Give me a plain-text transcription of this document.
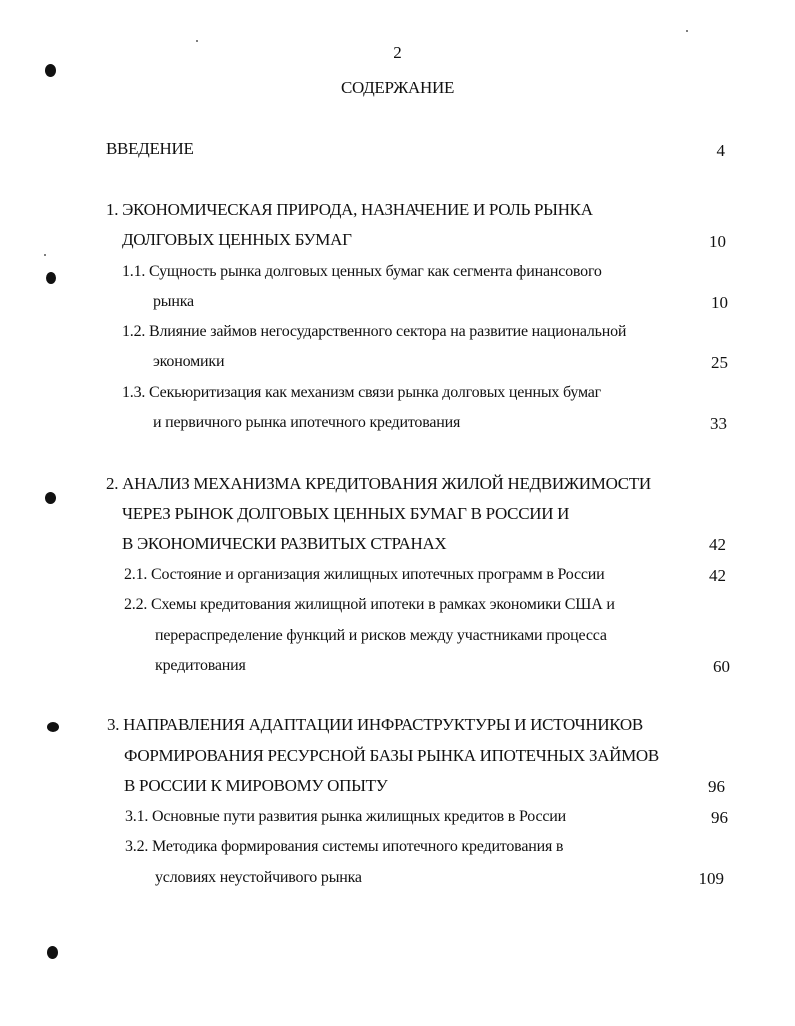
2
СОДЕРЖАНИЕ
ВВЕДЕНИЕ	4
1. ЭКОНОМИЧЕСКАЯ ПРИРОДА, НАЗНАЧЕНИЕ И РОЛЬ РЫНКА
ДОЛГОВЫХ ЦЕННЫХ БУМАГ	10
1.1. Сущность рынка долговых ценных бумаг как сегмента финансового
рынка	10
1.2. Влияние займов негосударственного сектора на развитие национальной
экономики	25
1.3. Секьюритизация как механизм связи рынка долговых ценных бумаг
и первичного рынка ипотечного кредитования	33
2. АНАЛИЗ МЕХАНИЗМА КРЕДИТОВАНИЯ ЖИЛОЙ НЕДВИЖИМОСТИ
ЧЕРЕЗ РЫНОК ДОЛГОВЫХ ЦЕННЫХ БУМАГ В РОССИИ И
В ЭКОНОМИЧЕСКИ РАЗВИТЫХ СТРАНАХ	42
2.1. Состояние и организация жилищных ипотечных программ в России	42
2.2. Схемы кредитования жилищной ипотеки в рамках экономики США и
перераспределение функций и рисков между участниками процесса
кредитования	60
3. НАПРАВЛЕНИЯ АДАПТАЦИИ ИНФРАСТРУКТУРЫ И ИСТОЧНИКОВ
ФОРМИРОВАНИЯ РЕСУРСНОЙ БАЗЫ РЫНКА ИПОТЕЧНЫХ ЗАЙМОВ
В РОССИИ К МИРОВОМУ ОПЫТУ	96
3.1. Основные пути развития рынка жилищных кредитов в России	96
3.2. Методика формирования системы ипотечного кредитования в
условиях неустойчивого рынка	109
